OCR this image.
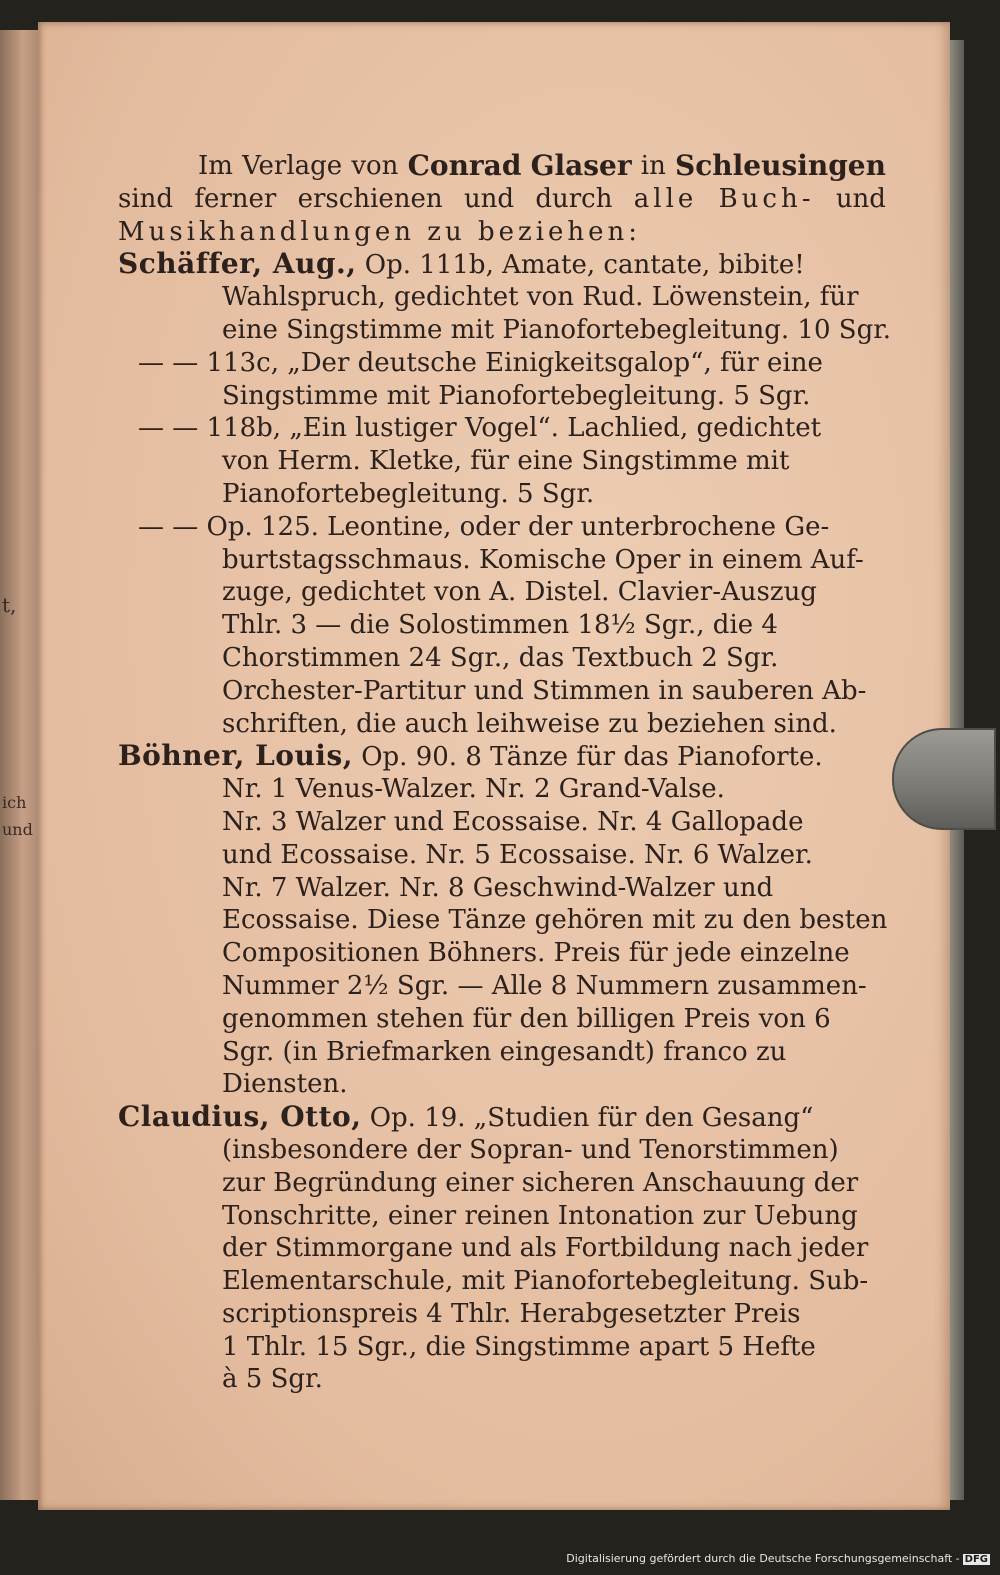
t,
ich
und
Im Verlage von Conrad Glaser in Schleusingen
sind ferner erschienen und durch alle Buch- und
Musikhandlungen zu beziehen:
Schäffer, Aug., Op. 111b, Amate, cantate, bibite!
Wahlspruch, gedichtet von Rud. Löwenstein, für
eine Singstimme mit Pianofortebegleitung. 10 Sgr.
— — 113c, „Der deutsche Einigkeitsgalop“, für eine
Singstimme mit Pianofortebegleitung. 5 Sgr.
— — 118b, „Ein lustiger Vogel“. Lachlied, gedichtet
von Herm. Kletke, für eine Singstimme mit
Pianofortebegleitung. 5 Sgr.
— — Op. 125. Leontine, oder der unterbrochene Ge-
burtstagsschmaus. Komische Oper in einem Auf-
zuge, gedichtet von A. Distel. Clavier-Auszug
Thlr. 3 — die Solostimmen 18½ Sgr., die 4
Chorstimmen 24 Sgr., das Textbuch 2 Sgr.
Orchester-Partitur und Stimmen in sauberen Ab-
schriften, die auch leihweise zu beziehen sind.
Böhner, Louis, Op. 90. 8 Tänze für das Pianoforte.
Nr. 1 Venus-Walzer. Nr. 2 Grand-Valse.
Nr. 3 Walzer und Ecossaise. Nr. 4 Gallopade
und Ecossaise. Nr. 5 Ecossaise. Nr. 6 Walzer.
Nr. 7 Walzer. Nr. 8 Geschwind-Walzer und
Ecossaise. Diese Tänze gehören mit zu den besten
Compositionen Böhners. Preis für jede einzelne
Nummer 2½ Sgr. — Alle 8 Nummern zusammen-
genommen stehen für den billigen Preis von 6
Sgr. (in Briefmarken eingesandt) franco zu
Diensten.
Claudius, Otto, Op. 19. „Studien für den Gesang“
(insbesondere der Sopran- und Tenorstimmen)
zur Begründung einer sicheren Anschauung der
Tonschritte, einer reinen Intonation zur Uebung
der Stimmorgane und als Fortbildung nach jeder
Elementarschule, mit Pianofortebegleitung. Sub-
scriptionspreis 4 Thlr. Herabgesetzter Preis
1 Thlr. 15 Sgr., die Singstimme apart 5 Hefte
à 5 Sgr.
Digitalisierung gefördert durch die Deutsche Forschungsgemeinschaft - DFG
